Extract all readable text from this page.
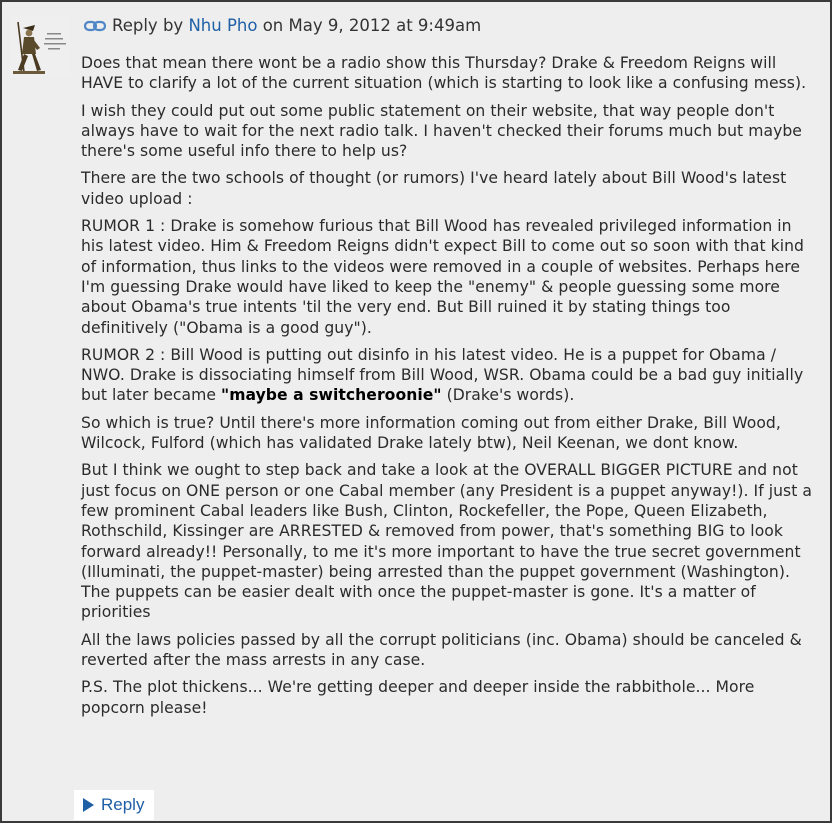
Reply by Nhu Pho on May 9, 2012 at 9:49am

Does that mean there wont be a radio show this Thursday? Drake & Freedom Reigns will HAVE to clarify a lot of the current situation (which is starting to look like a confusing mess).

I wish they could put out some public statement on their website, that way people don't always have to wait for the next radio talk. I haven't checked their forums much but maybe there's some useful info there to help us?

There are the two schools of thought (or rumors) I've heard lately about Bill Wood's latest video upload :

RUMOR 1 : Drake is somehow furious that Bill Wood has revealed privileged information in his latest video. Him & Freedom Reigns didn't expect Bill to come out so soon with that kind of information, thus links to the videos were removed in a couple of websites. Perhaps here I'm guessing Drake would have liked to keep the "enemy" & people guessing some more about Obama's true intents 'til the very end. But Bill ruined it by stating things too definitively ("Obama is a good guy").

RUMOR 2 : Bill Wood is putting out disinfo in his latest video. He is a puppet for Obama / NWO. Drake is dissociating himself from Bill Wood, WSR. Obama could be a bad guy initially but later became "maybe a switcheroonie" (Drake's words).

So which is true? Until there's more information coming out from either Drake, Bill Wood, Wilcock, Fulford (which has validated Drake lately btw), Neil Keenan, we dont know.

But I think we ought to step back and take a look at the OVERALL BIGGER PICTURE and not just focus on ONE person or one Cabal member (any President is a puppet anyway!). If just a few prominent Cabal leaders like Bush, Clinton, Rockefeller, the Pope, Queen Elizabeth, Rothschild, Kissinger are ARRESTED & removed from power, that's something BIG to look forward already!! Personally, to me it's more important to have the true secret government (Illuminati, the puppet-master) being arrested than the puppet government (Washington). The puppets can be easier dealt with once the puppet-master is gone. It's a matter of priorities

All the laws policies passed by all the corrupt politicians (inc. Obama) should be canceled & reverted after the mass arrests in any case.

P.S. The plot thickens... We're getting deeper and deeper inside the rabbithole... More popcorn please!

Reply
